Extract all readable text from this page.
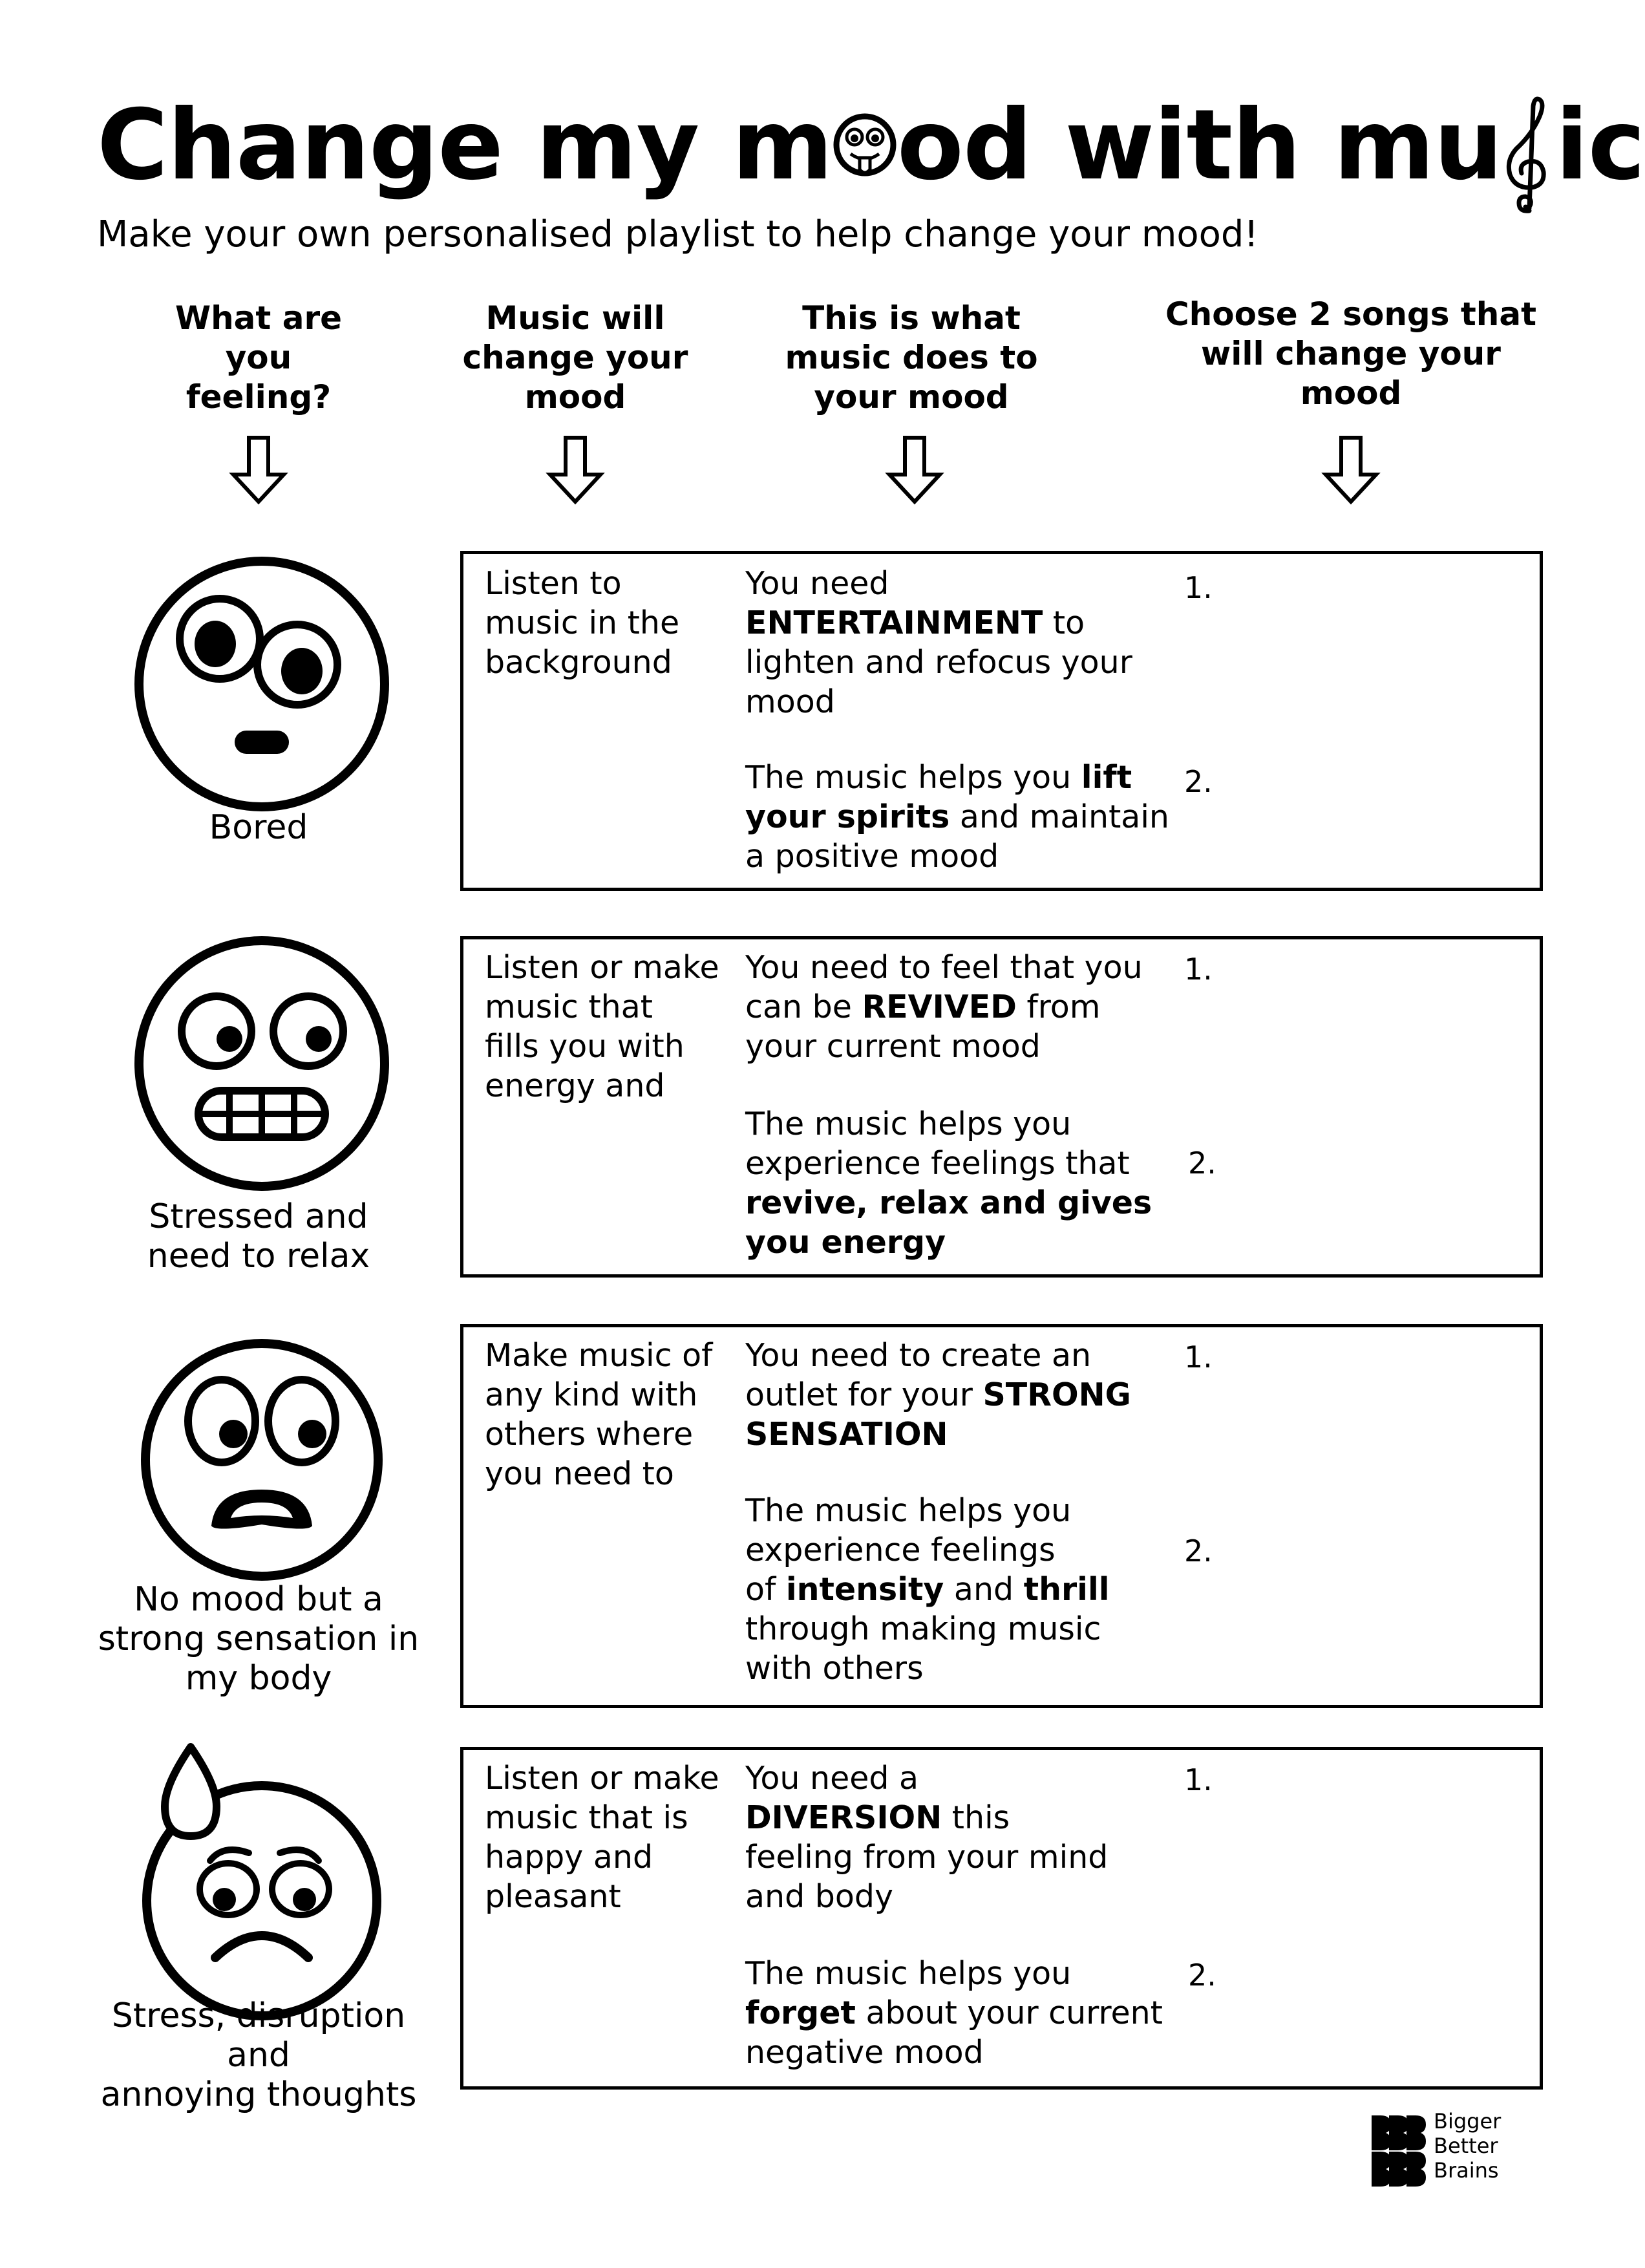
Change my m od with mu ic
Make your own personalised playlist to help change your mood!
What are
you
feeling?
Music will
change your
mood
This is what
music does to
your mood
Choose 2 songs that
will change your
mood
Bored
Listen to
music in the
background
You need
ENTERTAINMENT to
lighten and refocus your
mood
The music helps you lift
your spirits and maintain
a positive mood
1.
2.
Stressed and
need to relax
Listen or make
music that
fills you with
energy and
You need to feel that you
can be REVIVED from
your current mood
The music helps you
experience feelings that
revive, relax and gives
you energy
1.
2.
No mood but a
strong sensation in
my body
Make music of
any kind with
others where
you need to
You need to create an
outlet for your STRONG
SENSATION
The music helps you
experience feelings
of intensity and thrill
through making music
with others
1.
2.
Stress, disruption
and
annoying thoughts
Listen or make
music that is
happy and
pleasant
You need a
DIVERSION this
feeling from your mind
and body
The music helps you
forget about your current
negative mood
1.
2.
Bigger
Better
Brains
